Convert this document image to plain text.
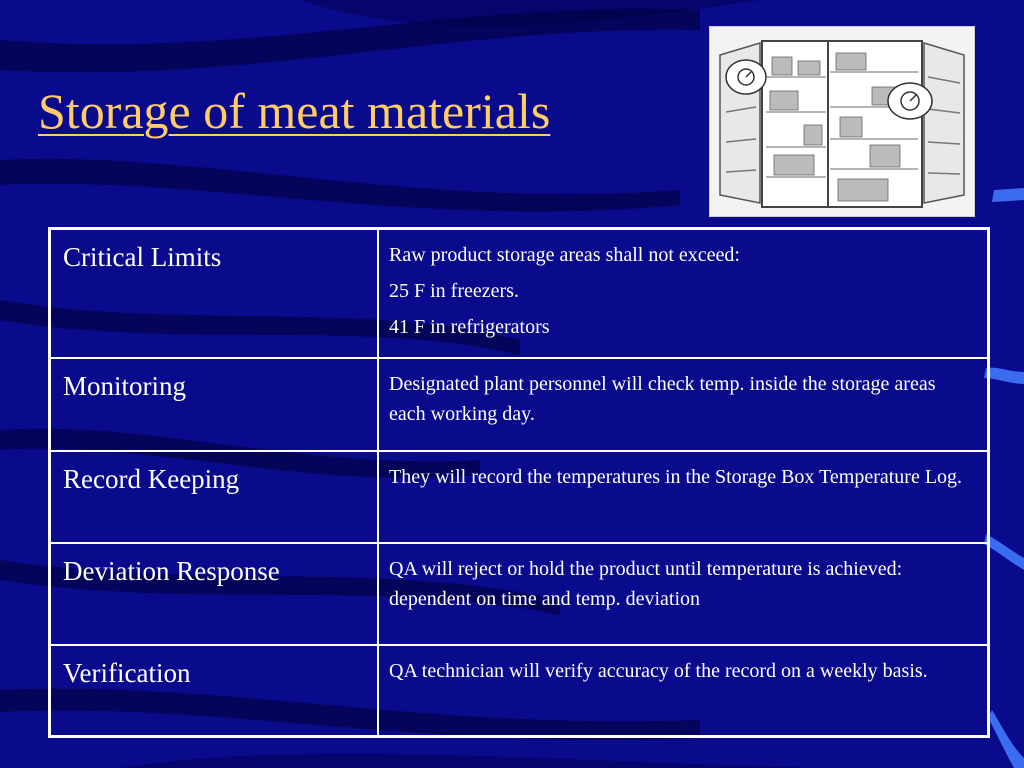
Storage of meat materials
Critical Limits	Raw product storage areas shall not exceed:
25 F in freezers.
41 F in refrigerators

Monitoring	Designated plant personnel will check temp. inside the storage areas each working day.

Record Keeping	They will record the temperatures in the Storage Box Temperature Log.

Deviation Response	QA will reject or hold the product until temperature is achieved: dependent on time and temp. deviation

Verification	QA technician will verify accuracy of the record on a weekly basis.
